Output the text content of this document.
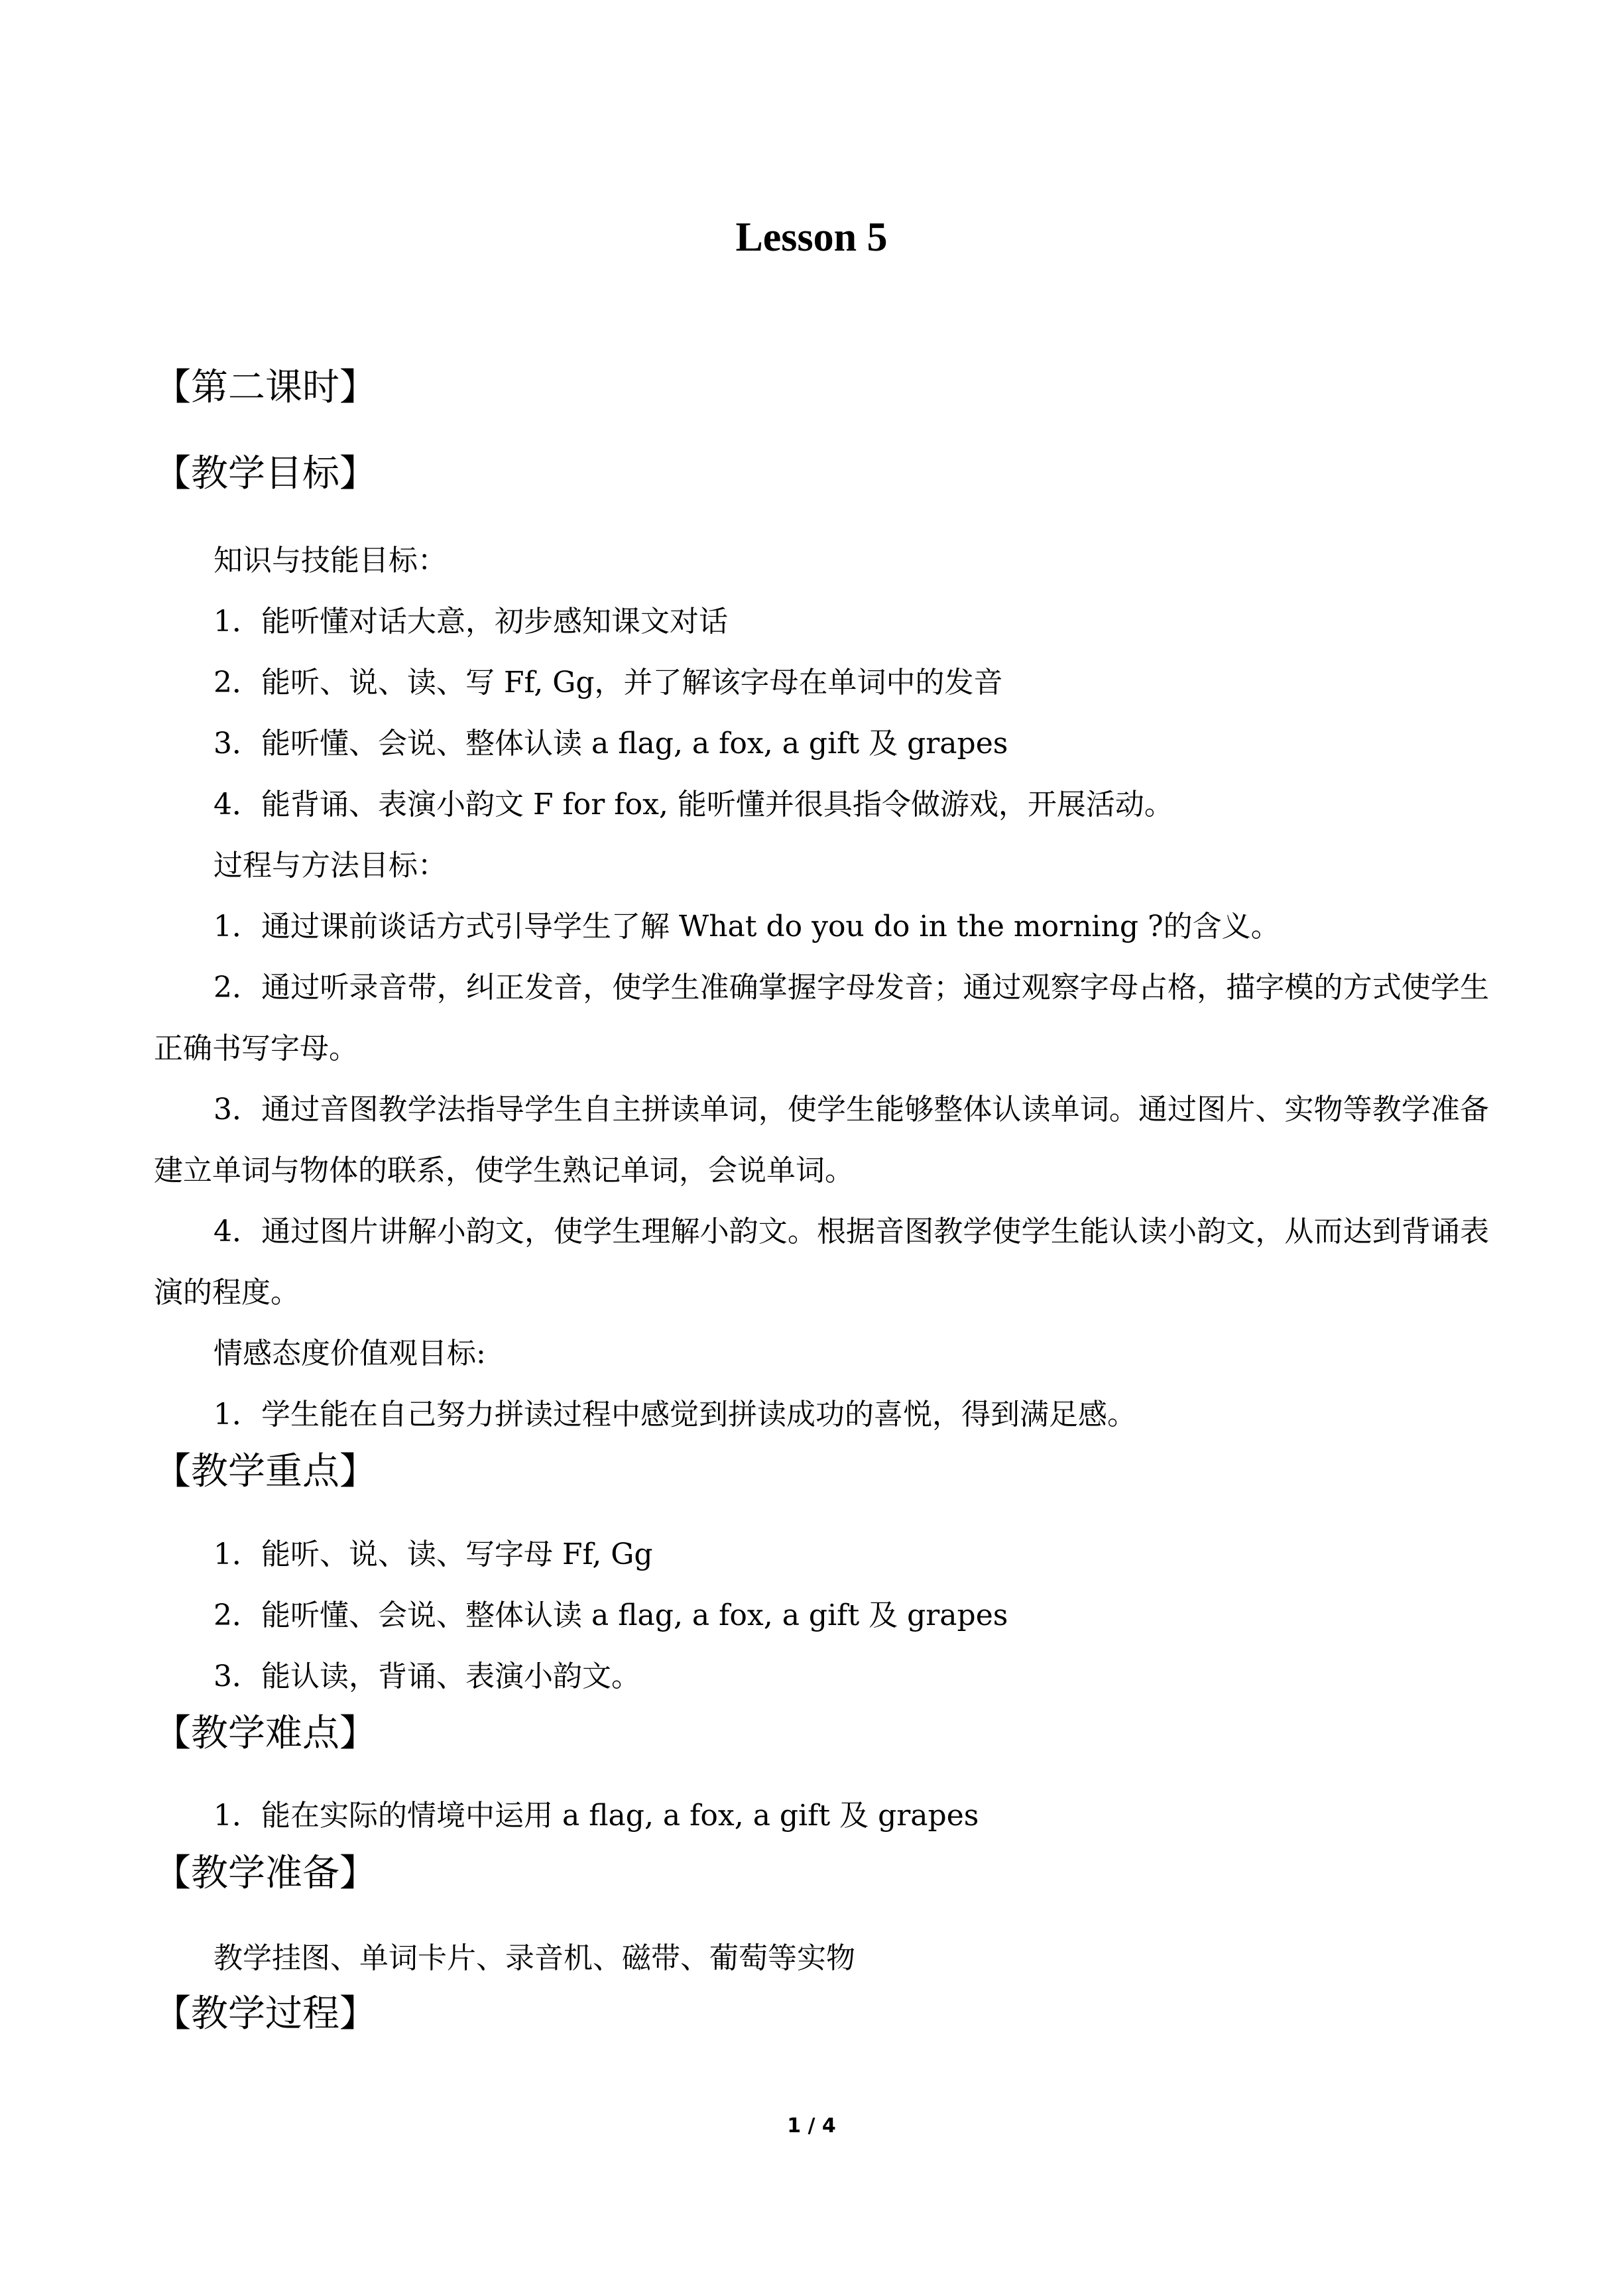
Lesson 5
【第二课时】
【教学目标】
知识与技能目标：
1．能听懂对话大意，初步感知课文对话
2．能听、说、读、写 Ff, Gg，并了解该字母在单词中的发音
3．能听懂、会说、整体认读 a flag, a fox, a gift 及 grapes
4．能背诵、表演小韵文 F for fox, 能听懂并很具指令做游戏，开展活动。
过程与方法目标：
1．通过课前谈话方式引导学生了解 What do you do in the morning ?的含义。

2．通过听录音带，纠正发音，使学生准确掌握字母发音；通过观察字母占格，描字模的方式使学生正确书写字母。

3．通过音图教学法指导学生自主拼读单词，使学生能够整体认读单词。通过图片、实物等教学准备建立单词与物体的联系，使学生熟记单词，会说单词。

4．通过图片讲解小韵文，使学生理解小韵文。根据音图教学使学生能认读小韵文，从而达到背诵表演的程度。

情感态度价值观目标:
1．学生能在自己努力拼读过程中感觉到拼读成功的喜悦，得到满足感。
【教学重点】
1．能听、说、读、写字母 Ff, Gg
2．能听懂、会说、整体认读 a flag, a fox, a gift 及 grapes
3．能认读，背诵、表演小韵文。
【教学难点】
1．能在实际的情境中运用 a flag, a fox, a gift 及 grapes
【教学准备】
教学挂图、单词卡片、录音机、磁带、葡萄等实物
【教学过程】
1 / 4
